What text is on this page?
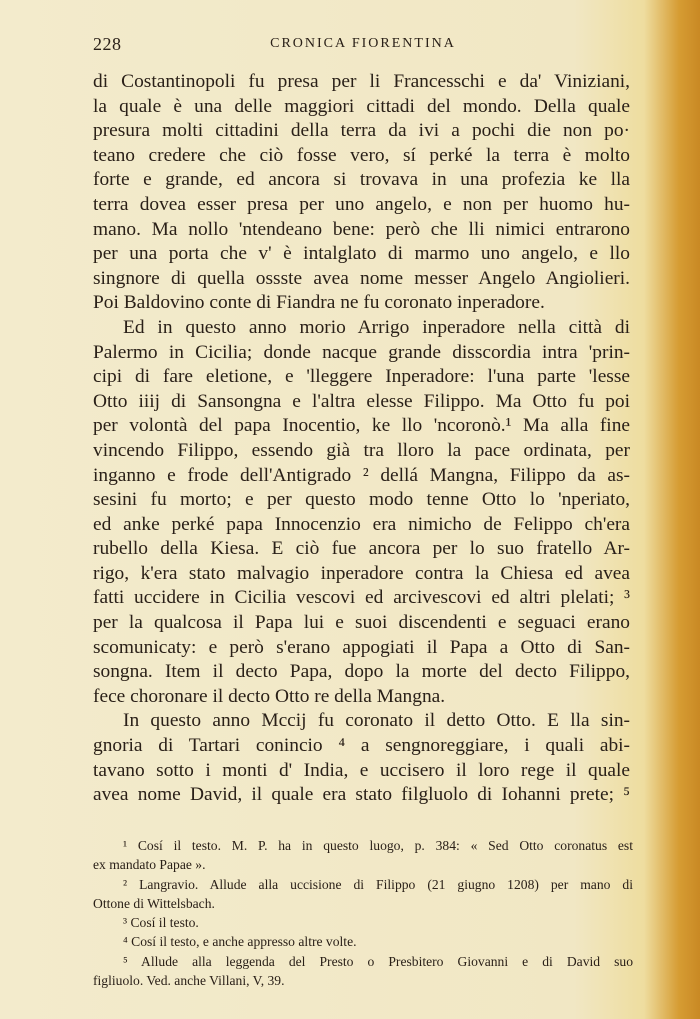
228	CRONICA FIORENTINA
di Costantinopoli fu presa per li Francesschi e da' Viniziani,
la quale è una delle maggiori cittadi del mondo. Della quale
presura molti cittadini della terra da ivi a pochi die non po·
teano credere che ciò fosse vero, sí perké la terra è molto
forte e grande, ed ancora si trovava in una profezia ke lla
terra dovea esser presa per uno angelo, e non per huomo hu-
mano. Ma nollo 'ntendeano bene: però che lli nimici entrarono
per una porta che v' è intalglato di marmo uno angelo, e llo
singnore di quella ossste avea nome messer Angelo Angiolieri.
Poi Baldovino conte di Fiandra ne fu coronato inperadore.
Ed in questo anno morio Arrigo inperadore nella città di
Palermo in Cicilia; donde nacque grande disscordia intra 'prin-
cipi di fare eletione, e 'lleggere Inperadore: l'una parte 'lesse
Otto iiij di Sansongna e l'altra elesse Filippo. Ma Otto fu poi
per volontà del papa Inocentio, ke llo 'ncoronò.¹ Ma alla fine
vincendo Filippo, essendo già tra lloro la pace ordinata, per
inganno e frode dell'Antigrado ² dellá Mangna, Filippo da as-
sesini fu morto; e per questo modo tenne Otto lo 'nperiato,
ed anke perké papa Innocenzio era nimicho de Felippo ch'era
rubello della Kiesa. E ciò fue ancora per lo suo fratello Ar-
rigo, k'era stato malvagio inperadore contra la Chiesa ed avea
fatti uccidere in Cicilia vescovi ed arcivescovi ed altri plelati; ³
per la qualcosa il Papa lui e suoi discendenti e seguaci erano
scomunicaty: e però s'erano appogiati il Papa a Otto di San-
songna. Item il decto Papa, dopo la morte del decto Filippo,
fece choronare il decto Otto re della Mangna.
In questo anno Mccij fu coronato il detto Otto. E lla sin-
gnoria di Tartari conincio ⁴ a sengnoreggiare, i quali abi-
tavano sotto i monti d' India, e uccisero il loro rege il quale
avea nome David, il quale era stato filgluolo di Iohanni prete; ⁵
¹ Cosí il testo. M. P. ha in questo luogo, p. 384: « Sed Otto coronatus est
ex mandato Papae ».
² Langravio. Allude alla uccisione di Filippo (21 giugno 1208) per mano di
Ottone di Wittelsbach.
³ Cosí il testo.
⁴ Cosí il testo, e anche appresso altre volte.
⁵ Allude alla leggenda del Presto o Presbitero Giovanni e di David suo
figliuolo. Ved. anche Villani, V, 39.
